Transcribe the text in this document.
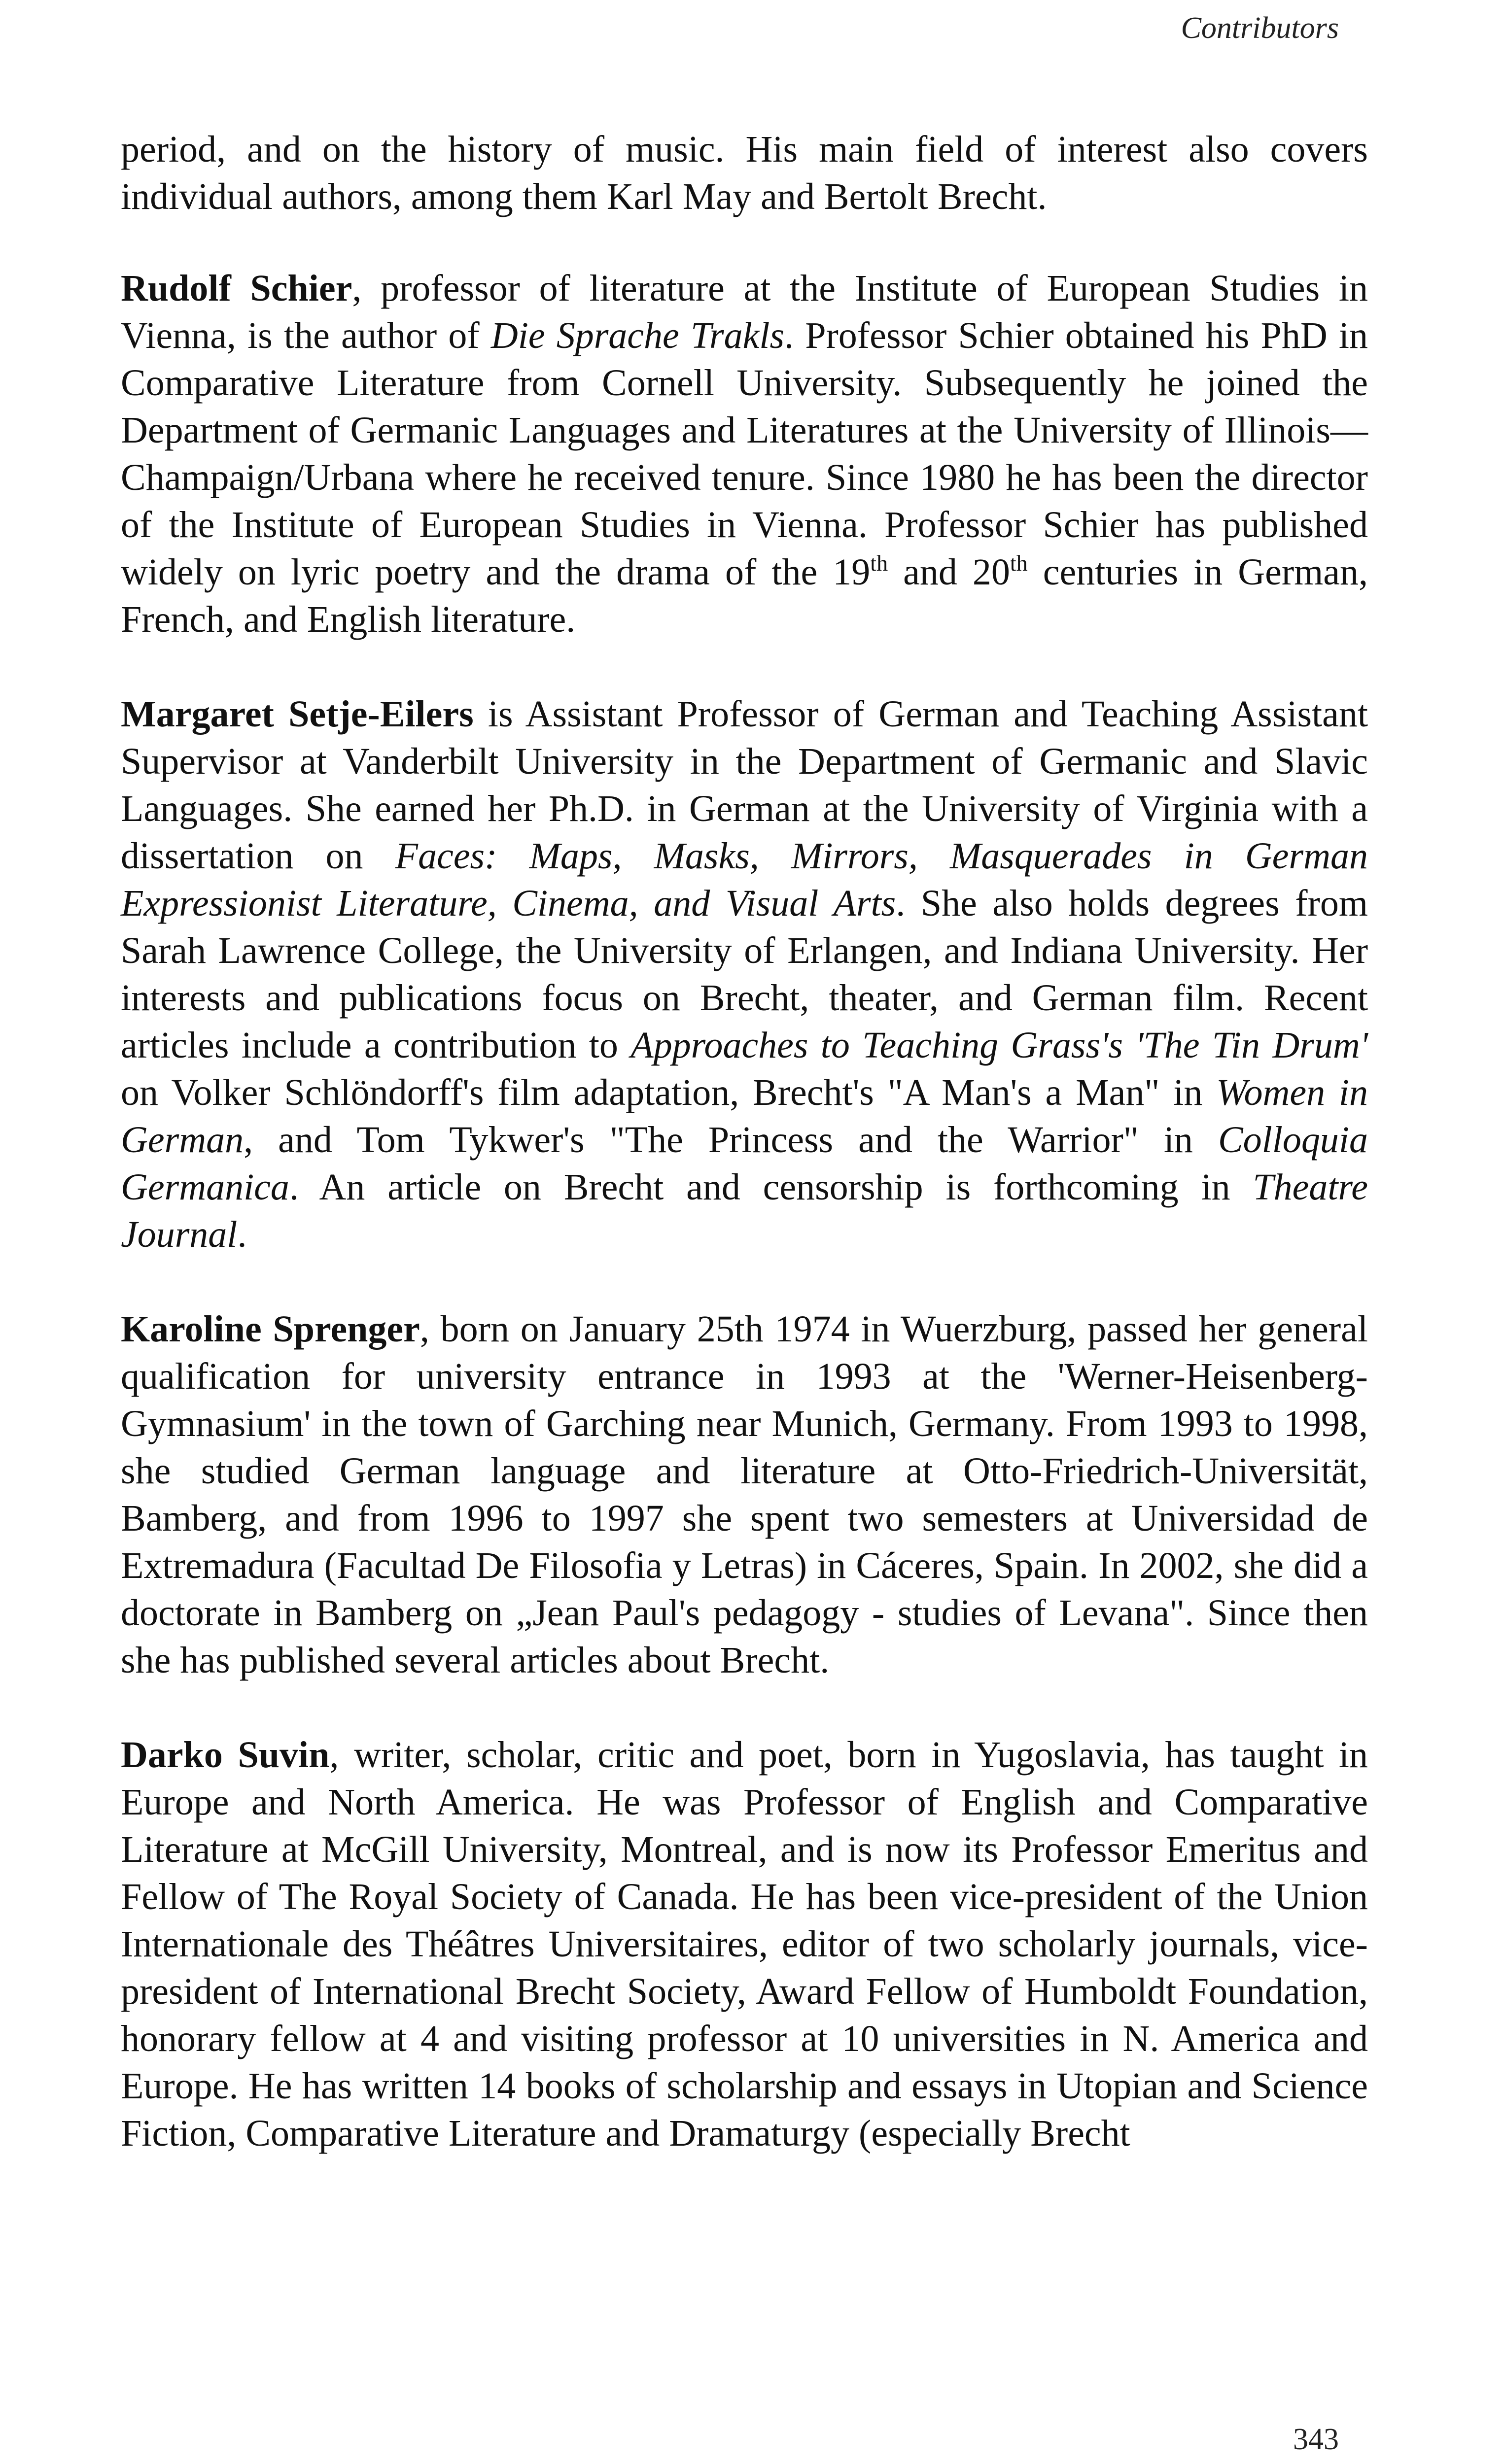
Contributors

period, and on the history of music. His main field of interest also covers individual authors, among them Karl May and Bertolt Brecht.

Rudolf Schier, professor of literature at the Institute of European Studies in Vienna, is the author of Die Sprache Trakls. Professor Schier obtained his PhD in Comparative Literature from Cornell University. Subsequently he joined the Department of Germanic Languages and Literatures at the University of Illinois—Champaign/Urbana where he received tenure. Since 1980 he has been the director of the Institute of European Studies in Vienna. Professor Schier has published widely on lyric poetry and the drama of the 19th and 20th centuries in German, French, and English literature.

Margaret Setje-Eilers is Assistant Professor of German and Teaching Assistant Supervisor at Vanderbilt University in the Department of Germanic and Slavic Languages. She earned her Ph.D. in German at the University of Virginia with a dissertation on Faces: Maps, Masks, Mirrors, Masquerades in German Expressionist Literature, Cinema, and Visual Arts. She also holds degrees from Sarah Lawrence College, the University of Erlangen, and Indiana University. Her interests and publications focus on Brecht, theater, and German film. Recent articles include a contribution to Approaches to Teaching Grass's 'The Tin Drum' on Volker Schlöndorff's film adaptation, Brecht's "A Man's a Man" in Women in German, and Tom Tykwer's "The Princess and the Warrior" in Colloquia Germanica. An article on Brecht and censorship is forthcoming in Theatre Journal.

Karoline Sprenger, born on January 25th 1974 in Wuerzburg, passed her general qualification for university entrance in 1993 at the 'Werner-Heisenberg-Gymnasium' in the town of Garching near Munich, Germany. From 1993 to 1998, she studied German language and literature at Otto-Friedrich-Universität, Bamberg, and from 1996 to 1997 she spent two semesters at Universidad de Extremadura (Facultad De Filosofia y Letras) in Cáceres, Spain. In 2002, she did a doctorate in Bamberg on „Jean Paul's pedagogy - studies of Levana". Since then she has published several articles about Brecht.

Darko Suvin, writer, scholar, critic and poet, born in Yugoslavia, has taught in Europe and North America. He was Professor of English and Comparative Literature at McGill University, Montreal, and is now its Professor Emeritus and Fellow of The Royal Society of Canada. He has been vice-president of the Union Internationale des Théâtres Universitaires, editor of two scholarly journals, vice-president of International Brecht Society, Award Fellow of Humboldt Foundation, honorary fellow at 4 and visiting professor at 10 universities in N. America and Europe. He has written 14 books of scholarship and essays in Utopian and Science Fiction, Comparative Literature and Dramaturgy (especially Brecht

343
